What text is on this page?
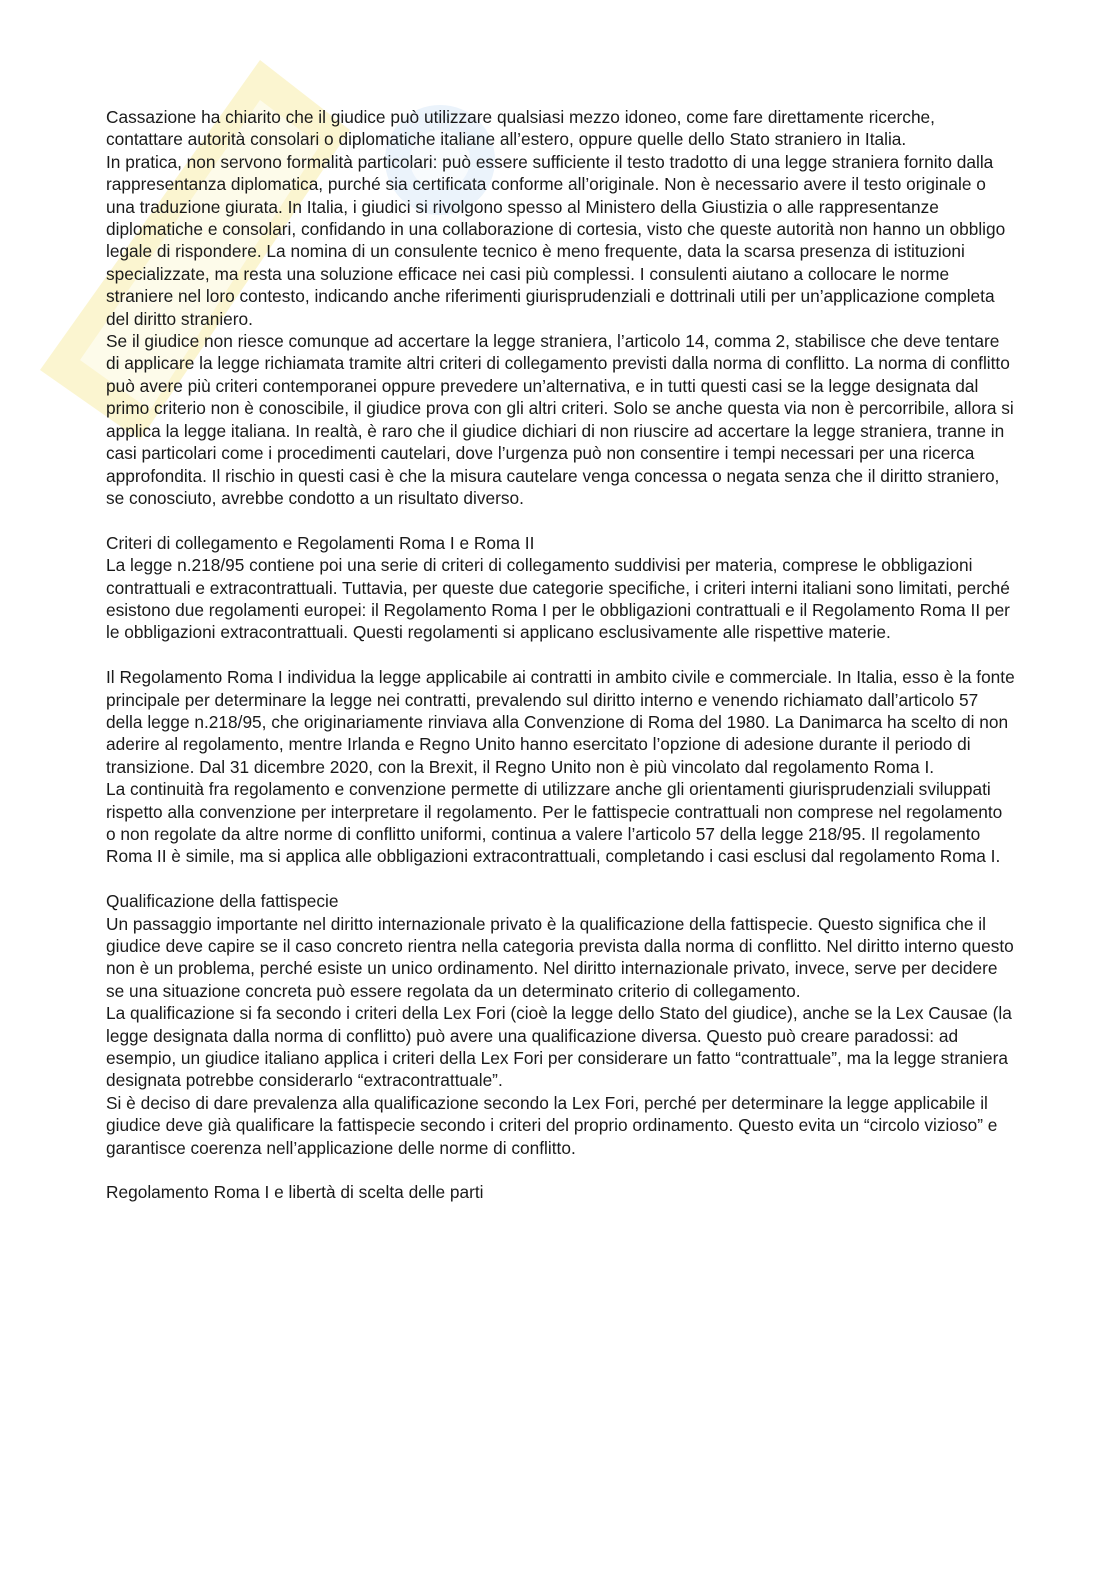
Cassazione ha chiarito che il giudice può utilizzare qualsiasi mezzo idoneo, come fare direttamente ricerche, contattare autorità consolari o diplomatiche italiane all’estero, oppure quelle dello Stato straniero in Italia.

In pratica, non servono formalità particolari: può essere sufficiente il testo tradotto di una legge straniera fornito dalla rappresentanza diplomatica, purché sia certificata conforme all’originale. Non è necessario avere il testo originale o una traduzione giurata. In Italia, i giudici si rivolgono spesso al Ministero della Giustizia o alle rappresentanze diplomatiche e consolari, confidando in una collaborazione di cortesia, visto che queste autorità non hanno un obbligo legale di rispondere. La nomina di un consulente tecnico è meno frequente, data la scarsa presenza di istituzioni specializzate, ma resta una soluzione efficace nei casi più complessi. I consulenti aiutano a collocare le norme straniere nel loro contesto, indicando anche riferimenti giurisprudenziali e dottrinali utili per un’applicazione completa del diritto straniero.

Se il giudice non riesce comunque ad accertare la legge straniera, l’articolo 14, comma 2, stabilisce che deve tentare di applicare la legge richiamata tramite altri criteri di collegamento previsti dalla norma di conflitto. La norma di conflitto può avere più criteri contemporanei oppure prevedere un’alternativa, e in tutti questi casi se la legge designata dal primo criterio non è conoscibile, il giudice prova con gli altri criteri. Solo se anche questa via non è percorribile, allora si applica la legge italiana. In realtà, è raro che il giudice dichiari di non riuscire ad accertare la legge straniera, tranne in casi particolari come i procedimenti cautelari, dove l’urgenza può non consentire i tempi necessari per una ricerca approfondita. Il rischio in questi casi è che la misura cautelare venga concessa o negata senza che il diritto straniero, se conosciuto, avrebbe condotto a un risultato diverso.

Criteri di collegamento e Regolamenti Roma I e Roma II

La legge n.218/95 contiene poi una serie di criteri di collegamento suddivisi per materia, comprese le obbligazioni contrattuali e extracontrattuali. Tuttavia, per queste due categorie specifiche, i criteri interni italiani sono limitati, perché esistono due regolamenti europei: il Regolamento Roma I per le obbligazioni contrattuali e il Regolamento Roma II per le obbligazioni extracontrattuali. Questi regolamenti si applicano esclusivamente alle rispettive materie.

Il Regolamento Roma I individua la legge applicabile ai contratti in ambito civile e commerciale. In Italia, esso è la fonte principale per determinare la legge nei contratti, prevalendo sul diritto interno e venendo richiamato dall’articolo 57 della legge n.218/95, che originariamente rinviava alla Convenzione di Roma del 1980. La Danimarca ha scelto di non aderire al regolamento, mentre Irlanda e Regno Unito hanno esercitato l’opzione di adesione durante il periodo di transizione. Dal 31 dicembre 2020, con la Brexit, il Regno Unito non è più vincolato dal regolamento Roma I.

La continuità fra regolamento e convenzione permette di utilizzare anche gli orientamenti giurisprudenziali sviluppati rispetto alla convenzione per interpretare il regolamento. Per le fattispecie contrattuali non comprese nel regolamento o non regolate da altre norme di conflitto uniformi, continua a valere l’articolo 57 della legge 218/95. Il regolamento Roma II è simile, ma si applica alle obbligazioni extracontrattuali, completando i casi esclusi dal regolamento Roma I.

Qualificazione della fattispecie

Un passaggio importante nel diritto internazionale privato è la qualificazione della fattispecie. Questo significa che il giudice deve capire se il caso concreto rientra nella categoria prevista dalla norma di conflitto. Nel diritto interno questo non è un problema, perché esiste un unico ordinamento. Nel diritto internazionale privato, invece, serve per decidere se una situazione concreta può essere regolata da un determinato criterio di collegamento.

La qualificazione si fa secondo i criteri della Lex Fori (cioè la legge dello Stato del giudice), anche se la Lex Causae (la legge designata dalla norma di conflitto) può avere una qualificazione diversa. Questo può creare paradossi: ad esempio, un giudice italiano applica i criteri della Lex Fori per considerare un fatto “contrattuale”, ma la legge straniera designata potrebbe considerarlo “extracontrattuale”.

Si è deciso di dare prevalenza alla qualificazione secondo la Lex Fori, perché per determinare la legge applicabile il giudice deve già qualificare la fattispecie secondo i criteri del proprio ordinamento. Questo evita un “circolo vizioso” e garantisce coerenza nell’applicazione delle norme di conflitto.

Regolamento Roma I e libertà di scelta delle parti
